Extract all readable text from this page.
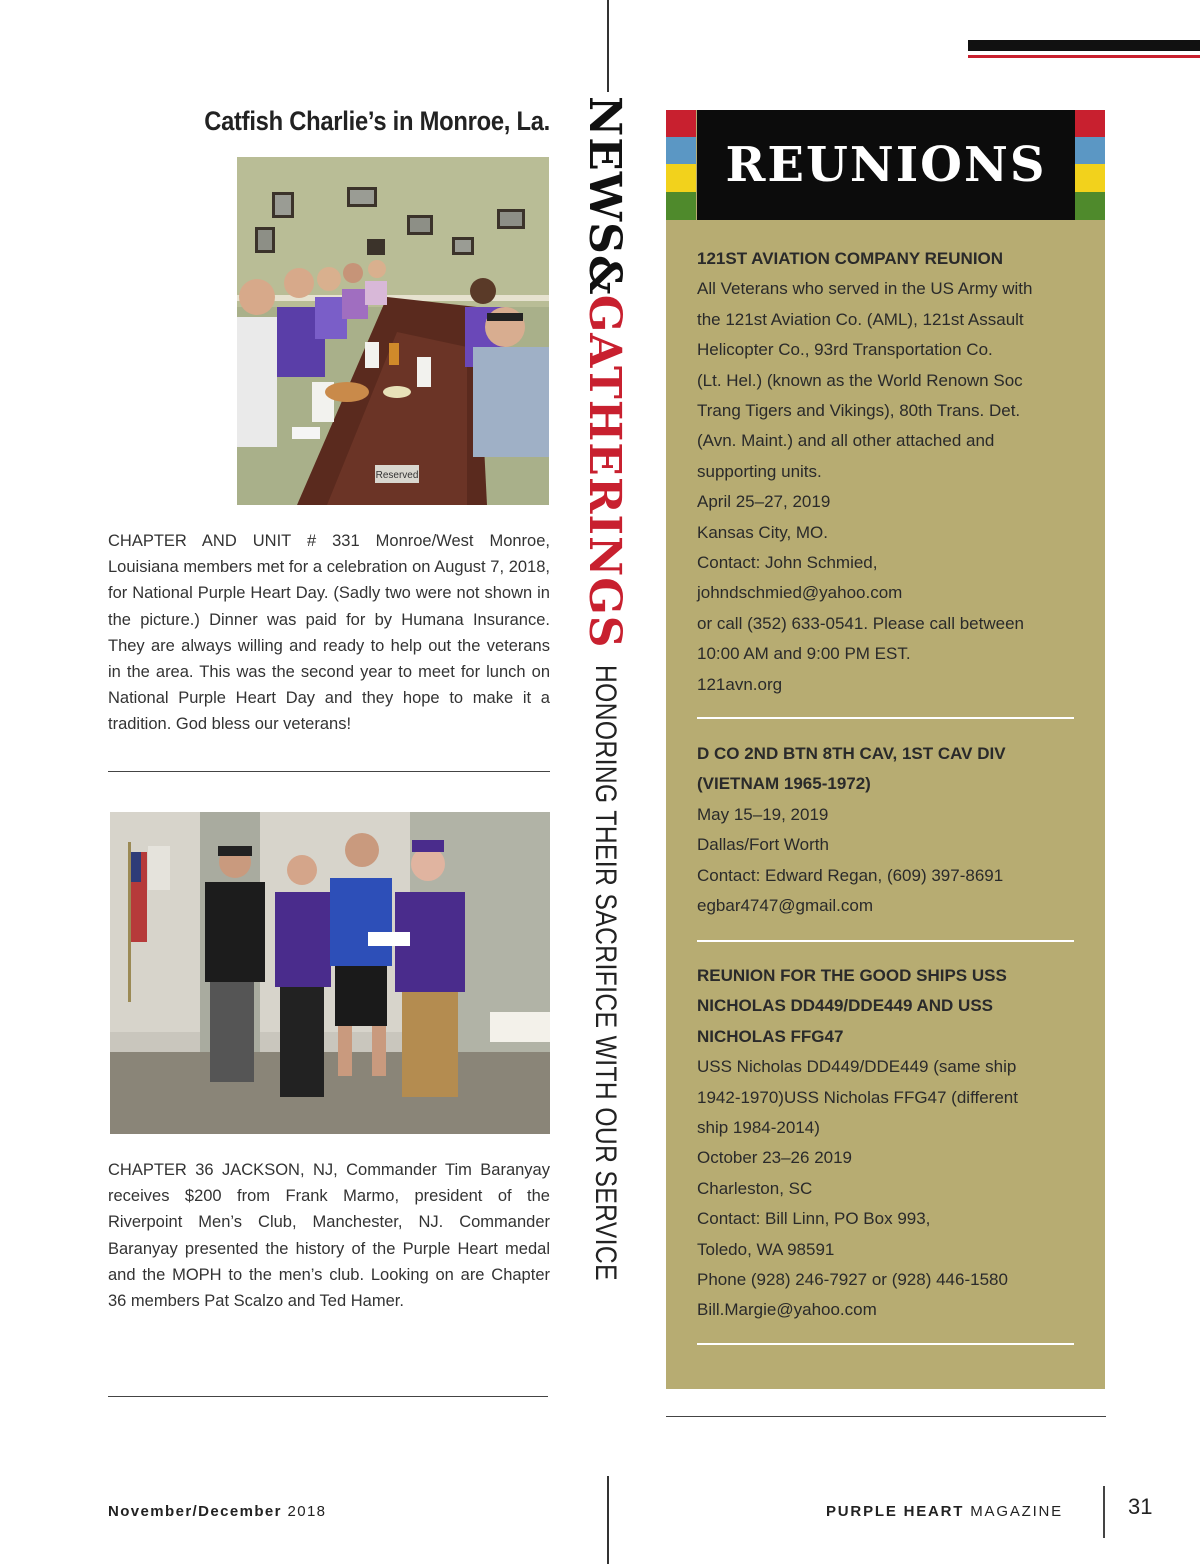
Catfish Charlie’s in Monroe, La.
Reserved
CHAPTER AND UNIT # 331 Monroe/West Monroe, Louisiana members met for a celebration on August 7, 2018, for National Purple Heart Day. (Sadly two were not shown in the picture.) Dinner was paid for by Humana Insurance. They are always willing and ready to help out the veterans in the area. This was the second year to meet for lunch on National Purple Heart Day and they hope to make it a tradition. God bless our veterans!
CHAPTER 36 JACKSON, NJ, Commander Tim Baranyay receives $200 from Frank Marmo, president of the Riverpoint Men’s Club, Manchester, NJ. Commander Baranyay presented the history of the Purple Heart medal and the MOPH to the men’s club. Looking on are Chapter 36 members Pat Scalzo and Ted Hamer.
NEWS
&
GATHERINGS
HONORING THEIR SACRIFICE WITH OUR SERVICE
REUNIONS
121ST AVIATION COMPANY REUNION
All Veterans who served in the US Army with
the 121st Aviation Co. (AML), 121st Assault
Helicopter Co., 93rd Transportation Co.
(Lt. Hel.) (known as the World Renown Soc
Trang Tigers and Vikings), 80th Trans. Det.
(Avn. Maint.) and all other attached and
supporting units.
April 25–27, 2019
Kansas City, MO.
Contact: John Schmied,
johndschmied@yahoo.com
or call (352) 633-0541. Please call between
10:00 AM and 9:00 PM EST.
121avn.org
D CO 2ND BTN 8TH CAV, 1ST CAV DIV
(VIETNAM 1965-1972)
May 15–19, 2019
Dallas/Fort Worth
Contact: Edward Regan, (609) 397-8691
egbar4747@gmail.com
REUNION FOR THE GOOD SHIPS USS
NICHOLAS DD449/DDE449 AND USS
NICHOLAS FFG47
USS Nicholas DD449/DDE449 (same ship
1942-1970)USS Nicholas FFG47 (different
ship 1984-2014)
October 23–26 2019
Charleston, SC
Contact: Bill Linn, PO Box 993,
Toledo, WA 98591
Phone (928) 246-7927 or (928) 446-1580
Bill.Margie@yahoo.com
November/December 2018	PURPLE HEART MAGAZINE	31
